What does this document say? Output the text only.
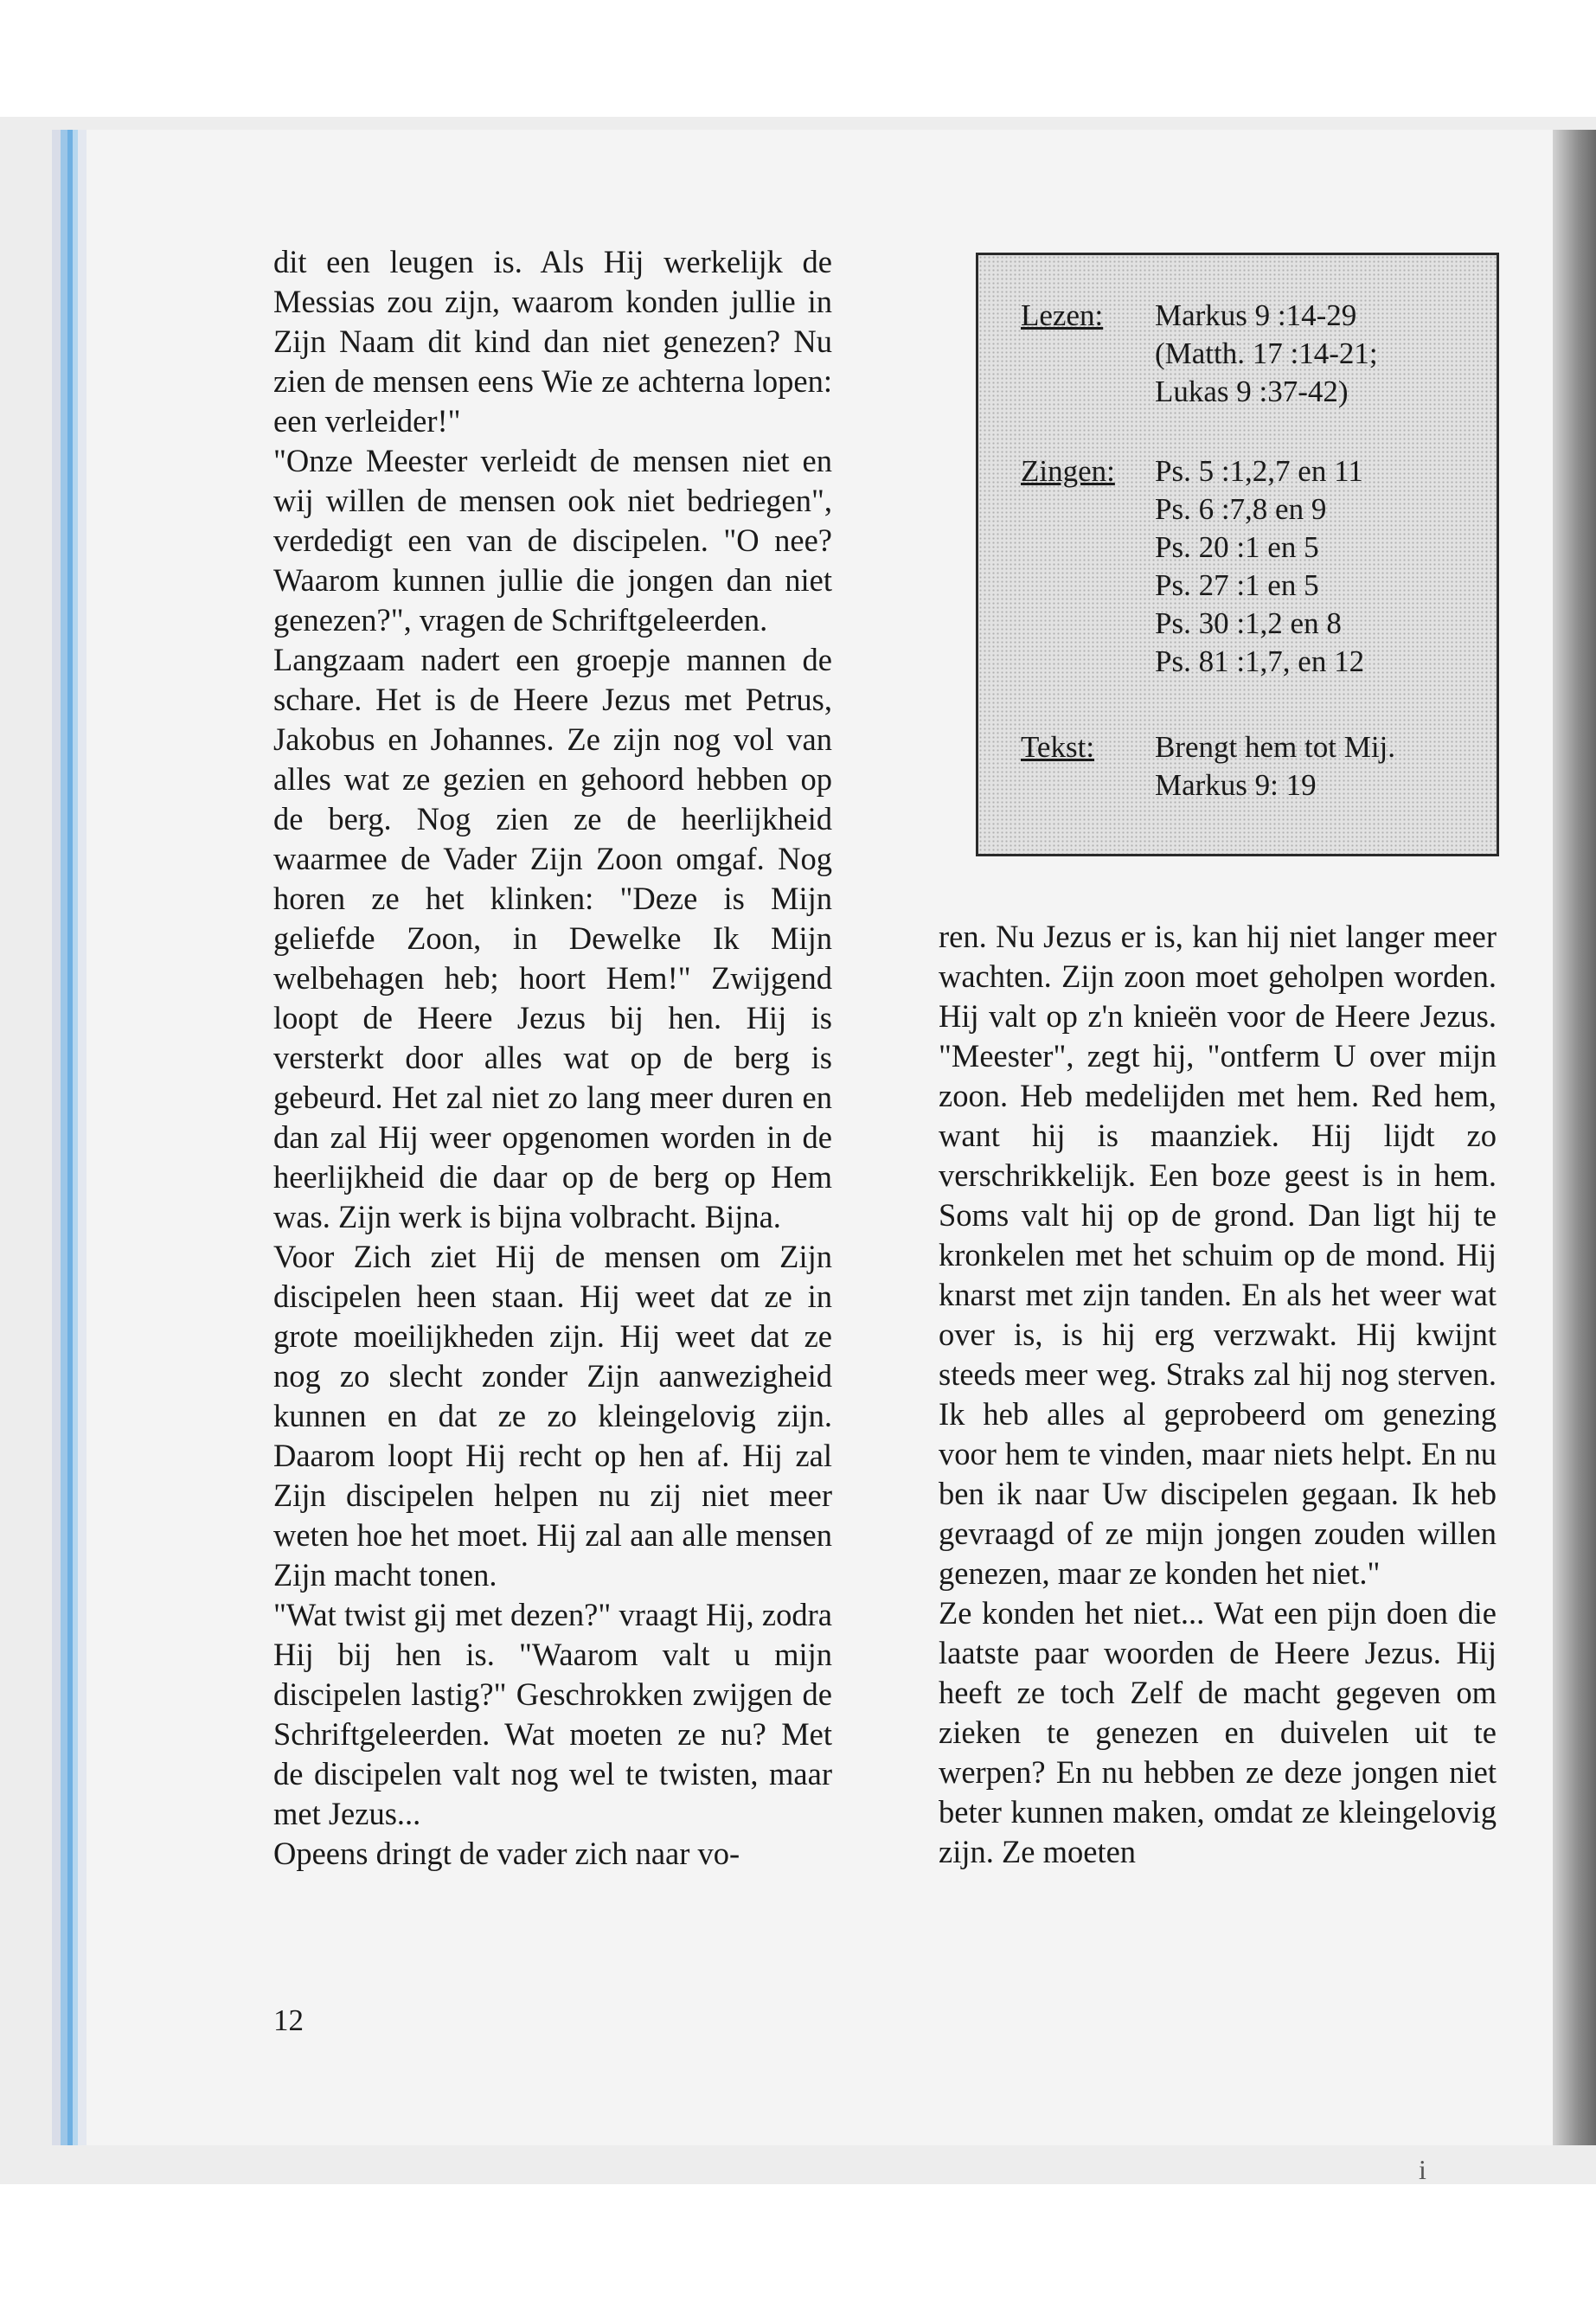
dit een leugen is. Als Hij werkelijk de Messias zou zijn, waarom konden jullie in Zijn Naam dit kind dan niet genezen? Nu zien de mensen eens Wie ze achterna lopen: een verleider!"

"Onze Meester verleidt de mensen niet en wij willen de mensen ook niet bedriegen", verdedigt een van de discipelen. "O nee? Waarom kunnen jullie die jongen dan niet genezen?", vragen de Schriftgeleerden.

Langzaam nadert een groepje mannen de schare. Het is de Heere Jezus met Petrus, Jakobus en Johannes. Ze zijn nog vol van alles wat ze gezien en gehoord hebben op de berg. Nog zien ze de heerlijkheid waarmee de Vader Zijn Zoon omgaf. Nog horen ze het klinken: "Deze is Mijn geliefde Zoon, in Dewelke Ik Mijn welbehagen heb; hoort Hem!" Zwijgend loopt de Heere Jezus bij hen. Hij is versterkt door alles wat op de berg is gebeurd. Het zal niet zo lang meer duren en dan zal Hij weer opgenomen worden in de heerlijkheid die daar op de berg op Hem was. Zijn werk is bijna volbracht. Bijna.

Voor Zich ziet Hij de mensen om Zijn discipelen heen staan. Hij weet dat ze in grote moeilijkheden zijn. Hij weet dat ze nog zo slecht zonder Zijn aanwezigheid kunnen en dat ze zo kleingelovig zijn. Daarom loopt Hij recht op hen af. Hij zal Zijn discipelen helpen nu zij niet meer weten hoe het moet. Hij zal aan alle mensen Zijn macht tonen.

"Wat twist gij met dezen?" vraagt Hij, zodra Hij bij hen is. "Waarom valt u mijn discipelen lastig?" Geschrokken zwijgen de Schriftgeleerden. Wat moeten ze nu? Met de discipelen valt nog wel te twisten, maar met Jezus...

Opeens dringt de vader zich naar vo-

Lezen:	Markus 9 :14-29
(Matth. 17 :14-21;
Lukas 9 :37-42)
Zingen:	Ps. 5 :1,2,7 en 11
Ps. 6 :7,8 en 9
Ps. 20 :1 en 5
Ps. 27 :1 en 5
Ps. 30 :1,2 en 8
Ps. 81 :1,7, en 12
Tekst:	Brengt hem tot Mij.
Markus 9: 19

ren. Nu Jezus er is, kan hij niet langer meer wachten. Zijn zoon moet geholpen worden. Hij valt op z'n knieën voor de Heere Jezus. "Meester", zegt hij, "ontferm U over mijn zoon. Heb medelijden met hem. Red hem, want hij is maanziek. Hij lijdt zo verschrikkelijk. Een boze geest is in hem. Soms valt hij op de grond. Dan ligt hij te kronkelen met het schuim op de mond. Hij knarst met zijn tanden. En als het weer wat over is, is hij erg verzwakt. Hij kwijnt steeds meer weg. Straks zal hij nog sterven. Ik heb alles al geprobeerd om genezing voor hem te vinden, maar niets helpt. En nu ben ik naar Uw discipelen gegaan. Ik heb gevraagd of ze mijn jongen zouden willen genezen, maar ze konden het niet."

Ze konden het niet... Wat een pijn doen die laatste paar woorden de Heere Jezus. Hij heeft ze toch Zelf de macht gegeven om zieken te genezen en duivelen uit te werpen? En nu hebben ze deze jongen niet beter kunnen maken, omdat ze kleingelovig zijn. Ze moeten

12
i
